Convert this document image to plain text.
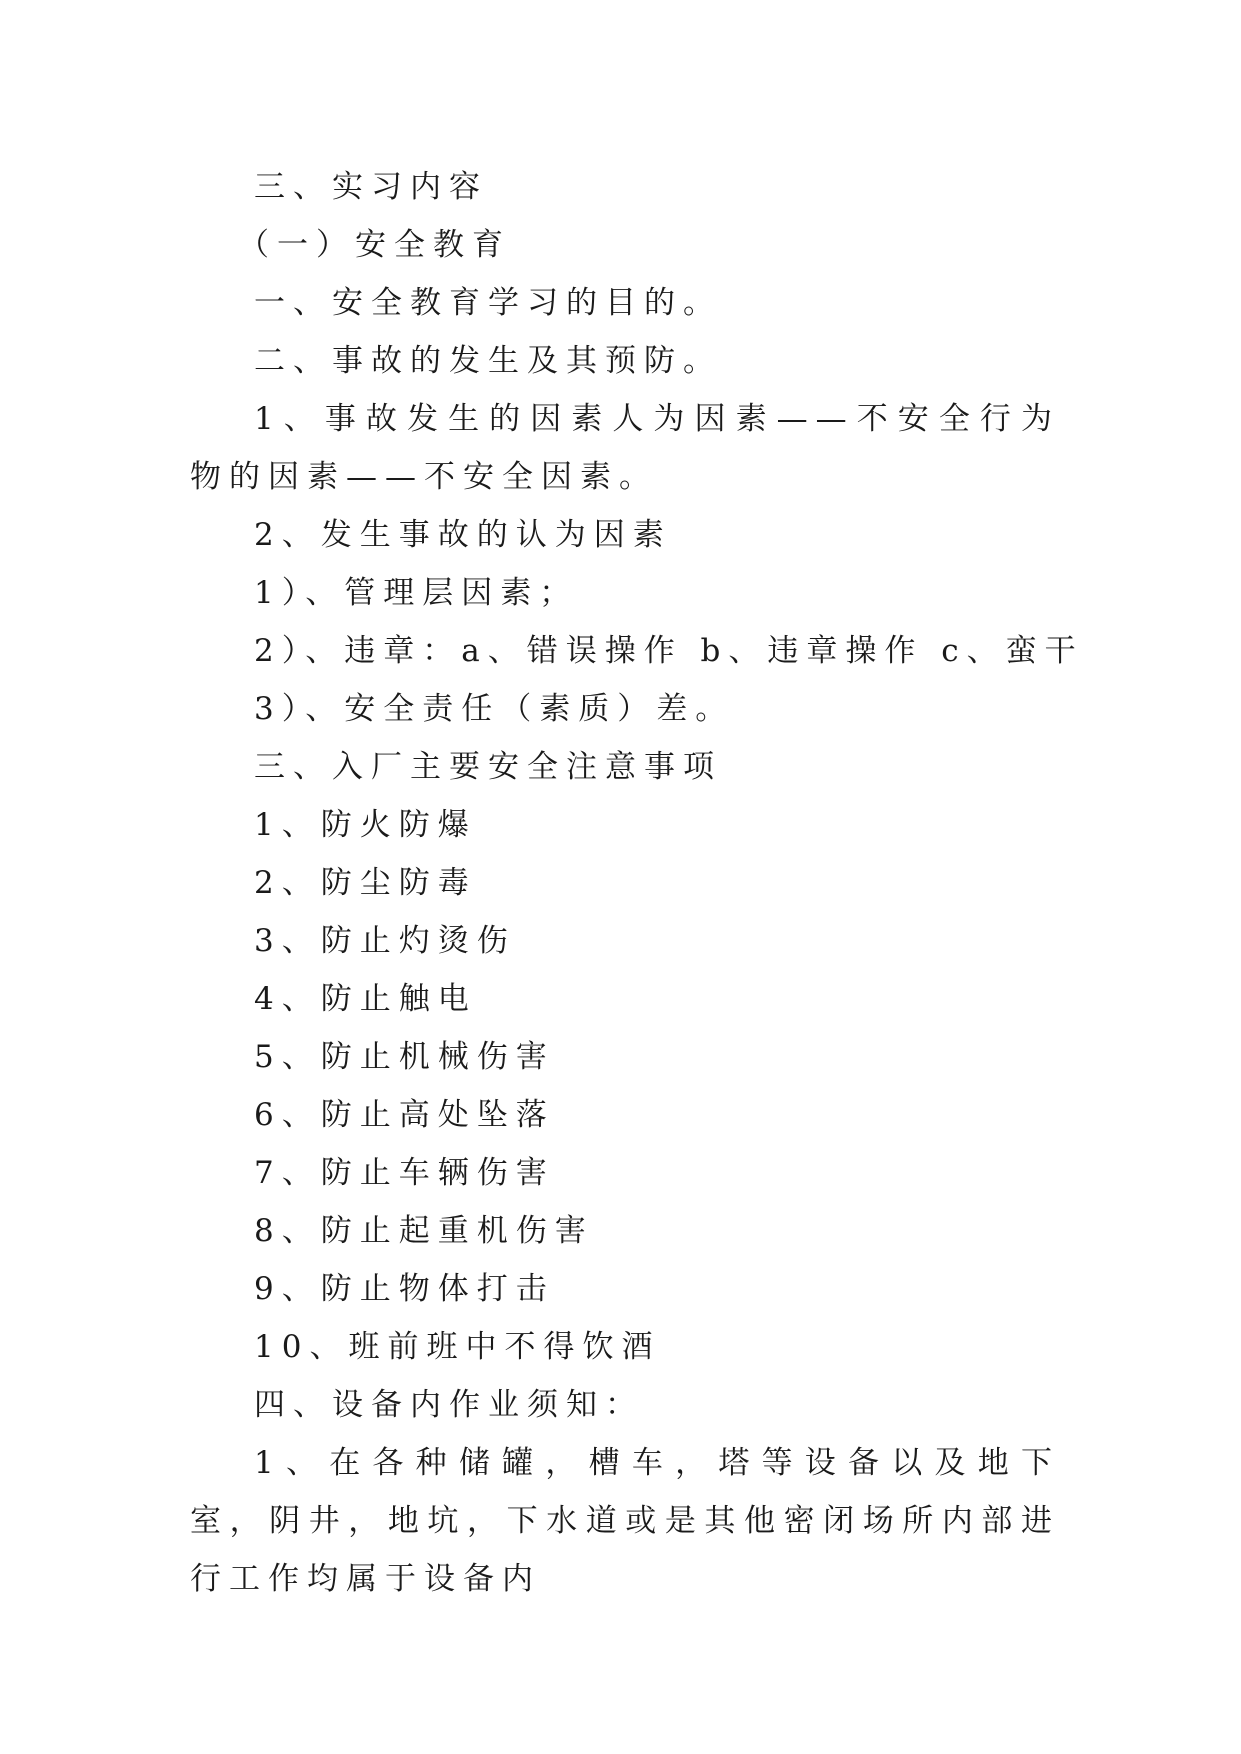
三、实习内容
（一）安全教育
一、安全教育学习的目的。
二、事故的发生及其预防。
1、事故发生的因素人为因素——不安全行为物的因素——不安全因素。
2、发生事故的认为因素
1）、管理层因素；
2）、违章：a、错误操作 b、违章操作 c、蛮干
3）、安全责任（素质）差。
三、入厂主要安全注意事项
1、防火防爆
2、防尘防毒
3、防止灼烫伤
4、防止触电
5、防止机械伤害
6、防止高处坠落
7、防止车辆伤害
8、防止起重机伤害
9、防止物体打击
10、班前班中不得饮酒
四、设备内作业须知：
1、在各种储罐，槽车，塔等设备以及地下室，阴井，地坑，下水道或是其他密闭场所内部进行工作均属于设备内
